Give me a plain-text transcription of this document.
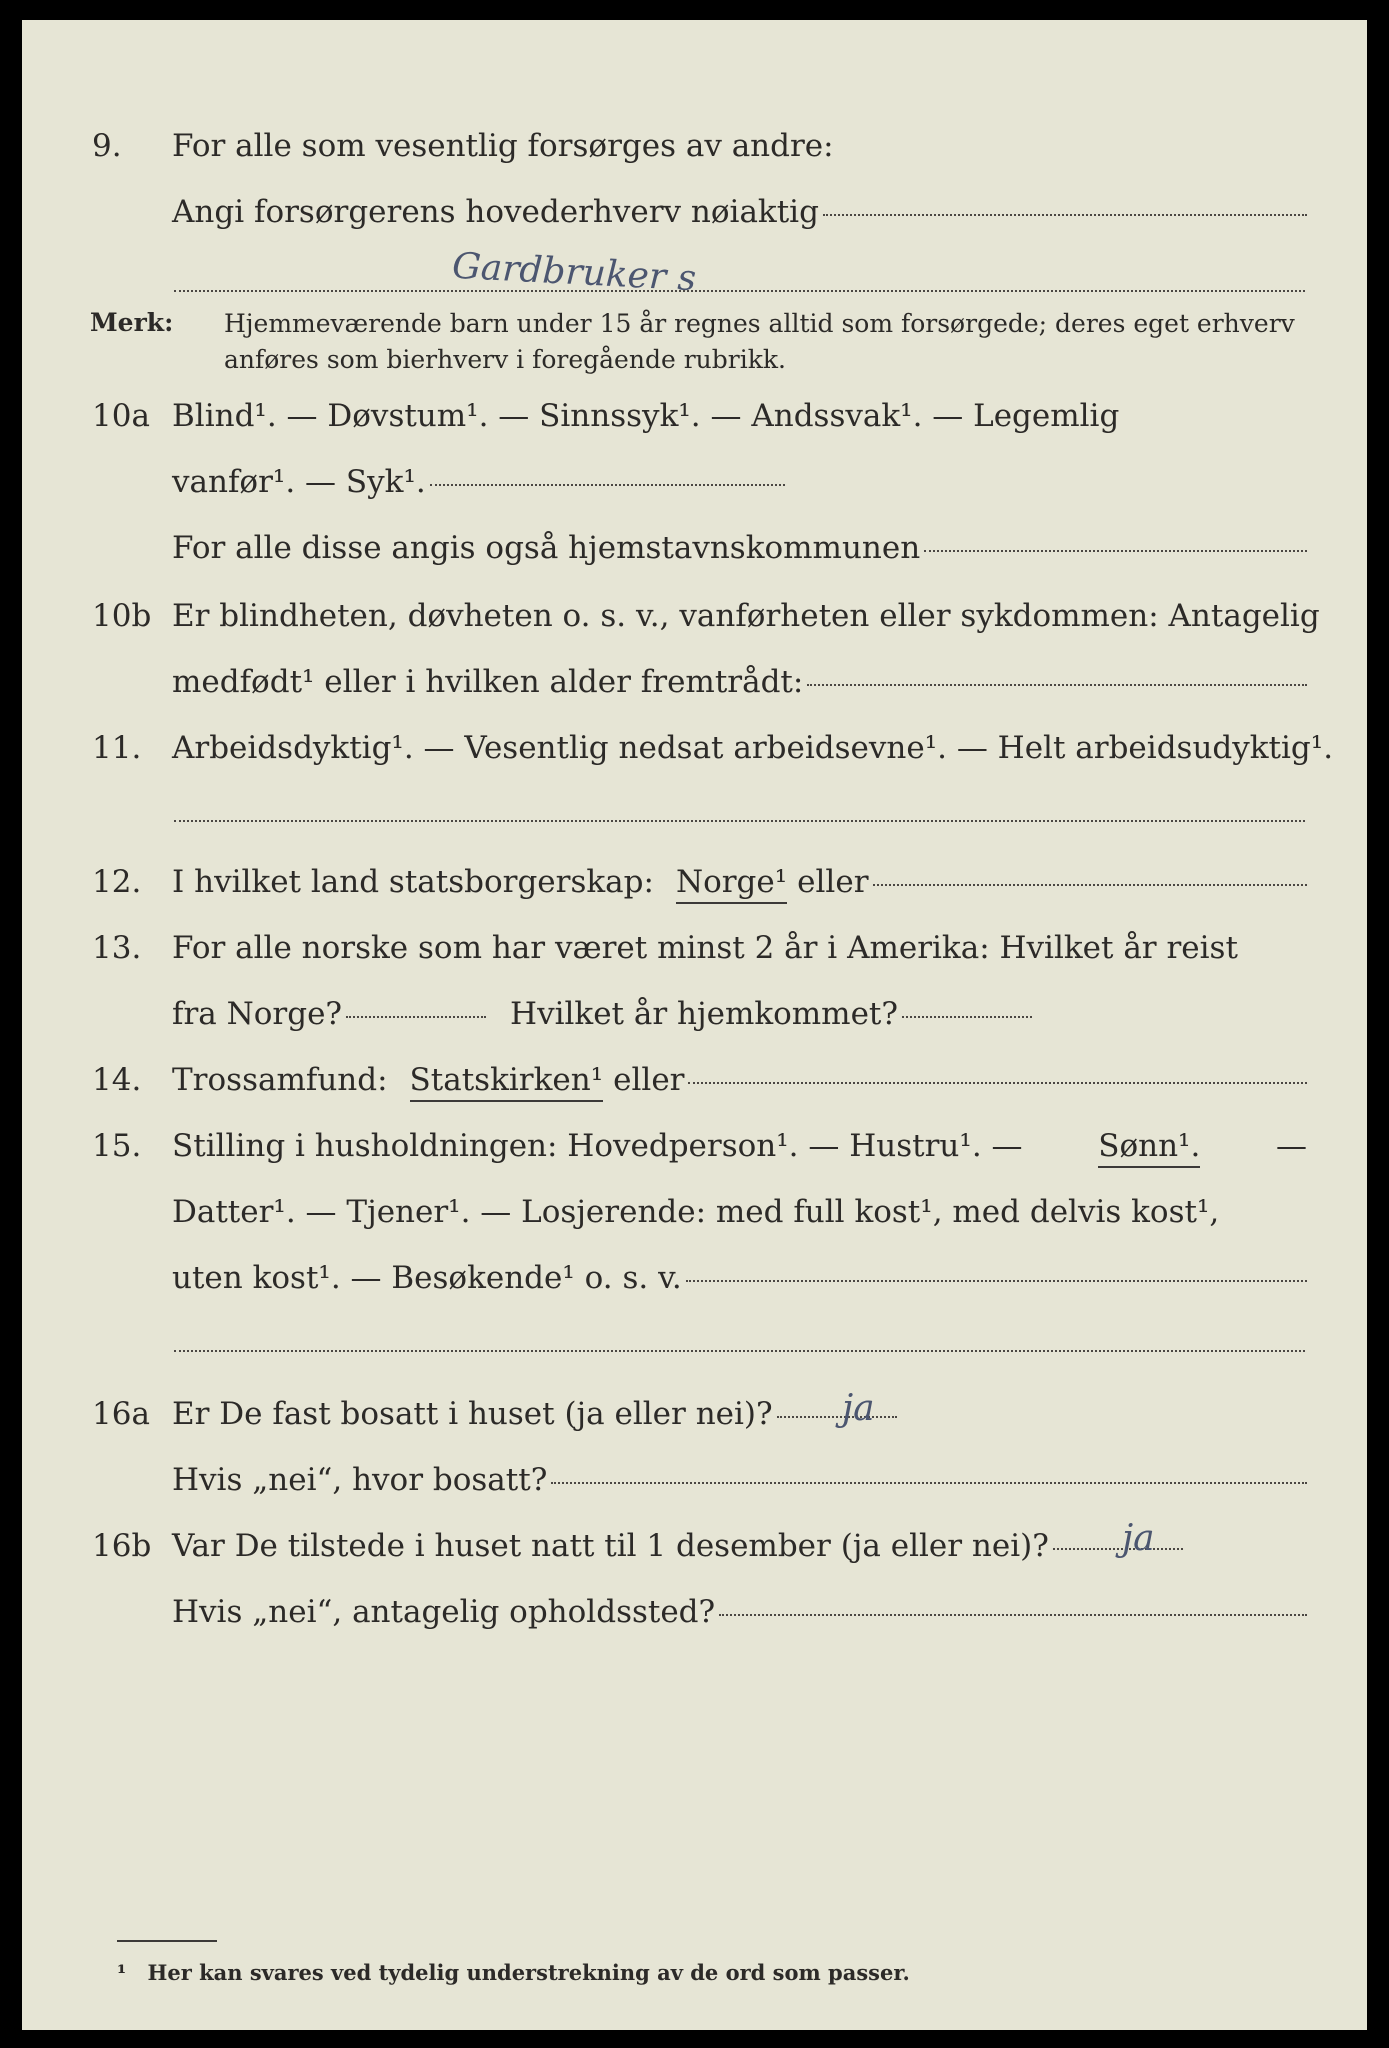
9. For alle som vesentlig forsørges av andre:
Angi forsørgerens hovederhverv nøiaktig
Gardbruker s
Merk: Hjemmeværende barn under 15 år regnes alltid som forsørgede; deres eget erhverv anføres som bierhverv i foregående rubrikk.
10a Blind¹. — Døvstum¹. — Sinnssyk¹. — Andssvak¹. — Legemlig
vanfør¹. — Syk¹.
For alle disse angis også hjemstavnskommunen
10b Er blindheten, døvheten o. s. v., vanførheten eller sykdommen: Antagelig
medfødt¹ eller i hvilken alder fremtrådt:
11. Arbeidsdyktig¹. — Vesentlig nedsat arbeidsevne¹. — Helt arbeidsudyktig¹.
12. I hvilket land statsborgerskap: Norge¹ eller
13. For alle norske som har været minst 2 år i Amerika: Hvilket år reist
fra Norge?	Hvilket år hjemkommet?
14. Trossamfund: Statskirken¹ eller
15. Stilling i husholdningen: Hovedperson¹. — Hustru¹. — Sønn¹. —
Datter¹. — Tjener¹. — Losjerende: med full kost¹, med delvis kost¹,
uten kost¹. — Besøkende¹ o. s. v.
16a Er De fast bosatt i huset (ja eller nei)? ja
Hvis „nei“, hvor bosatt?
16b Var De tilstede i huset natt til 1 desember (ja eller nei)? ja
Hvis „nei“, antagelig opholdssted?
¹ Her kan svares ved tydelig understrekning av de ord som passer.
